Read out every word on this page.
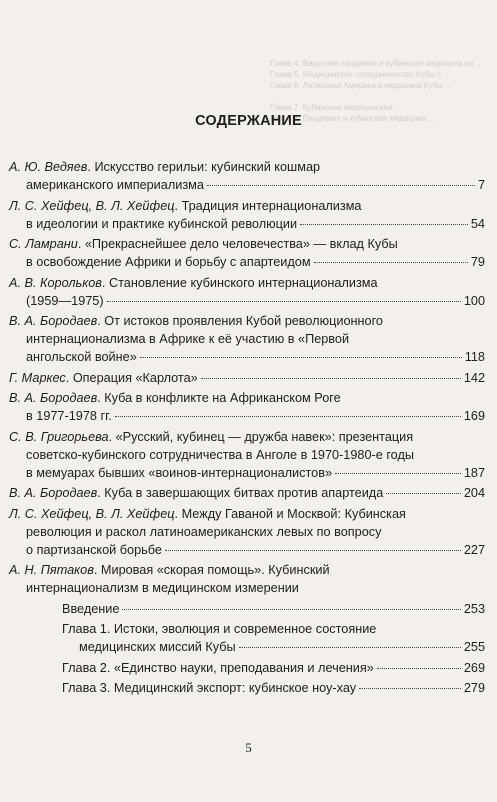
Глава 4. Вирусная пандемия и кубинская медицина на …
Глава 5. Медицинское сотрудничество Кубы с …
Глава 6. Латинская Америка и медицина Кубы …
…
Глава 7. Кубинская медицинская …
Глава 8. Пандемия и кубинская медицина …
СОДЕРЖАНИЕ
А. Ю. Ведяев. Искусство герильи: кубинский кошмар
американского империализма	7
Л. С. Хейфец, В. Л. Хейфец. Традиция интернационализма
в идеологии и практике кубинской революции	54
С. Ламрани. «Прекраснейшее дело человечества» — вклад Кубы
в освобождение Африки и борьбу с апартеидом	79
А. В. Корольков. Становление кубинского интернационализма
(1959—1975)	100
В. А. Бородаев. От истоков проявления Кубой революционного
интернационализма в Африке к её участию в «Первой
ангольской войне»	118
Г. Маркес . Операция «Карлота»	142
В. А. Бородаев. Куба в конфликте на Африканском Роге
в 1977-1978 гг.	169
С. В. Григорьева. «Русский, кубинец — дружба навек»: презентация
советско-кубинского сотрудничества в Анголе в 1970-1980-е годы
в мемуарах бывших «воинов-интернационалистов»	187
В. А. Бородаев . Куба в завершающих битвах против апартеида	204
Л. С. Хейфец, В. Л. Хейфец. Между Гаваной и Москвой: Кубинская
революция и раскол латиноамериканских левых по вопросу
о партизанской борьбе	227
А. Н. Пятаков. Мировая «скорая помощь». Кубинский
интернационализм в медицинском измерении
Введение	253
Глава 1. Истоки, эволюция и современное состояние
медицинских миссий Кубы	255
Глава 2. «Единство науки, преподавания и лечения»	269
Глава 3. Медицинский экспорт: кубинское ноу-хау	279
5
